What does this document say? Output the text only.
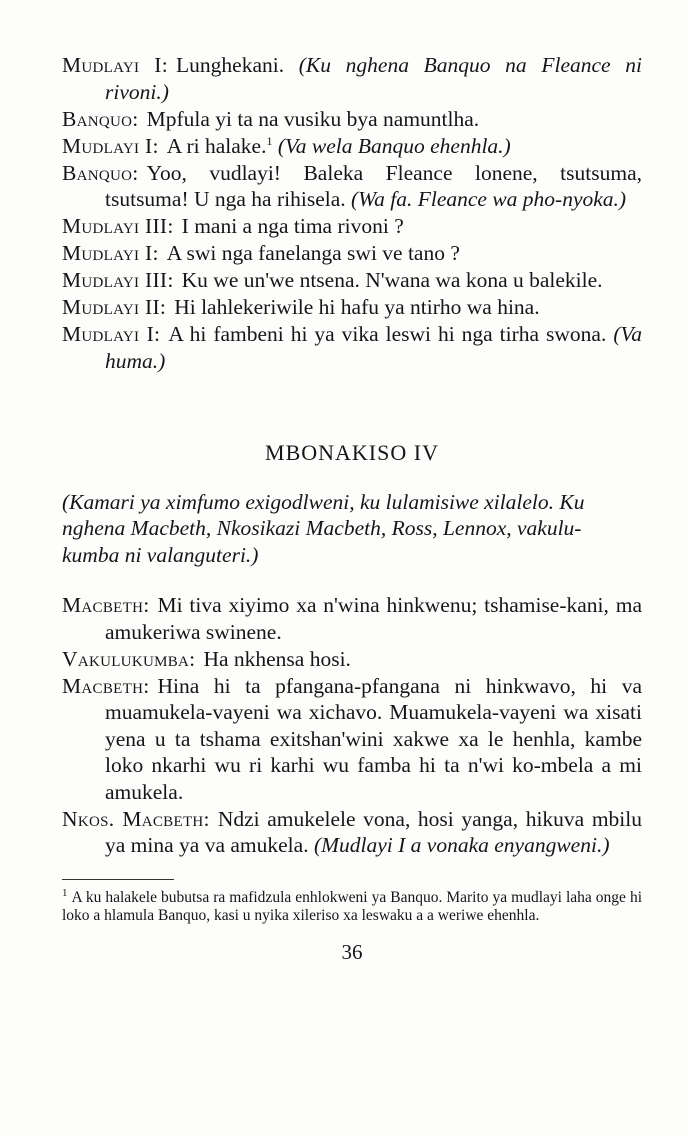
Mudlayi I: Lunghekani. (Ku nghena Banquo na Fleance ni rivoni.)

Banquo: Mpfula yi ta na vusiku bya namuntlha.

Mudlayi I: A ri halake.$^1$ (Va wela Banquo ehenhla.)

Banquo: Yoo, vudlayi! Baleka Fleance lonene, tsutsuma, tsutsuma! U nga ha rihisela. (Wa fa. Fleance wa pho-nyoka.)

Mudlayi III: I mani a nga tima rivoni ?

Mudlayi I: A swi nga fanelanga swi ve tano ?

Mudlayi III: Ku we un'we ntsena. N'wana wa kona u balekile.

Mudlayi II: Hi lahlekeriwile hi hafu ya ntirho wa hina.

Mudlayi I: A hi fambeni hi ya vika leswi hi nga tirha swona. (Va huma.)

MBONAKISO IV

(Kamari ya ximfumo exigodlweni, ku lulamisiwe xilalelo. Ku

nghena Macbeth, Nkosikazi Macbeth, Ross, Lennox, vakulu-

kumba ni valanguteri.)

Macbeth: Mi tiva xiyimo xa n'wina hinkwenu; tshamise-kani, ma amukeriwa swinene.

Vakulukumba: Ha nkhensa hosi.

Macbeth: Hina hi ta pfangana-pfangana ni hinkwavo, hi va muamukela-vayeni wa xichavo. Muamukela-vayeni wa xisati yena u ta tshama exitshan'wini xakwe xa le henhla, kambe loko nkarhi wu ri karhi wu famba hi ta n'wi ko-mbela a mi amukela.

Nkos. Macbeth: Ndzi amukelele vona, hosi yanga, hikuva mbilu ya mina ya va amukela. (Mudlayi I a vonaka enyangweni.)

$^1$ A ku halakele bubutsa ra mafidzula enhlokweni ya Banquo. Marito ya mudlayi laha onge hi loko a hlamula Banquo, kasi u nyika xileriso xa leswaku a a weriwe ehenhla.
36
